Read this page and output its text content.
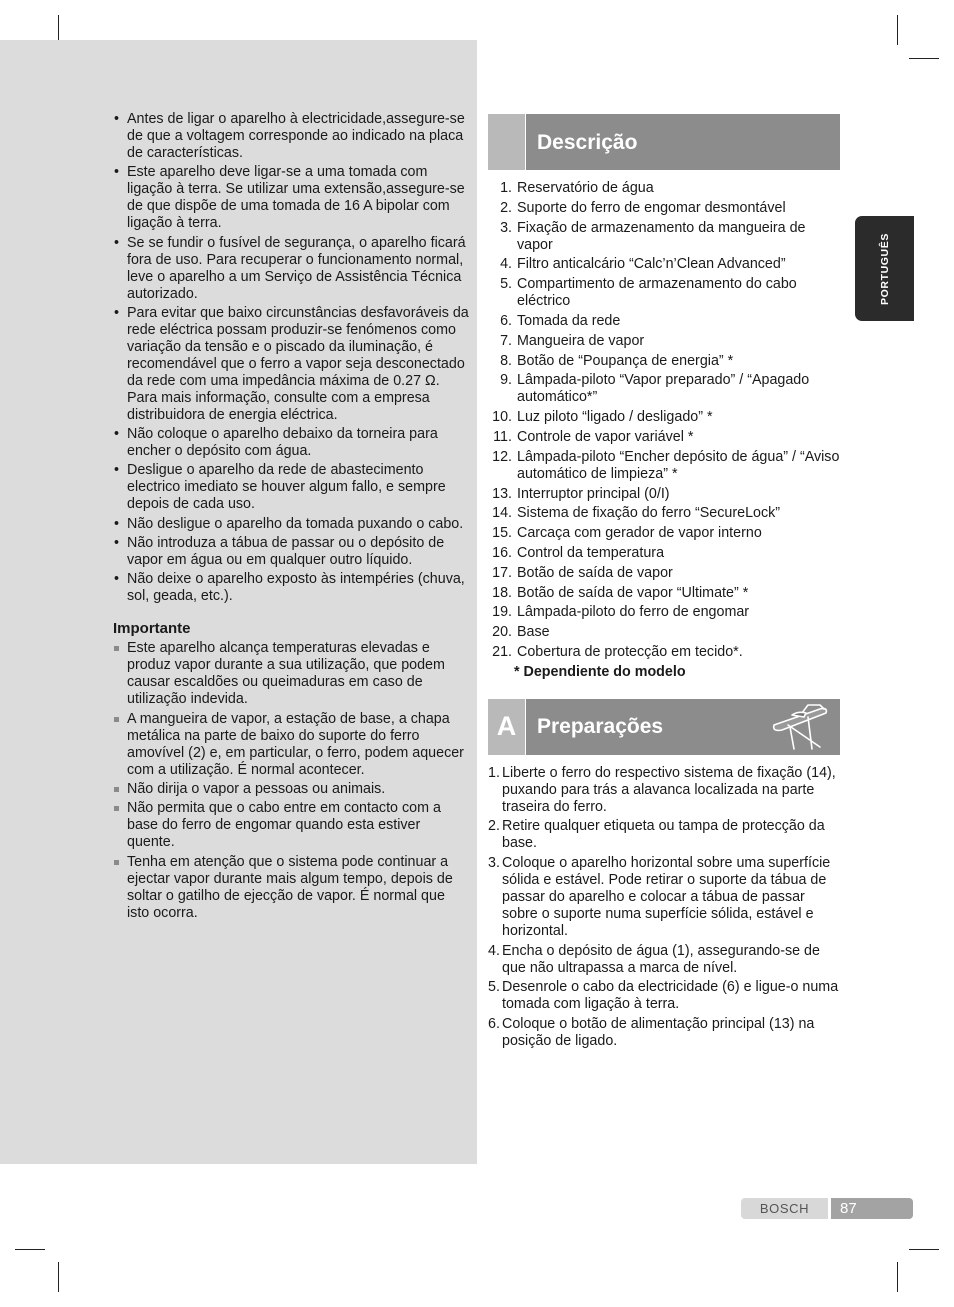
• Antes de ligar o aparelho à electricidade,assegure-se de que a voltagem corresponde ao indicado na placa de características.
• Este aparelho deve ligar-se a uma tomada com ligação à terra. Se utilizar uma extensão,assegure-se de que dispõe de uma tomada de 16 A bipolar com ligação à terra.
• Se se fundir o fusível de segurança, o aparelho ficará fora de uso. Para recuperar o funcionamento normal, leve o aparelho a um Serviço de Assistência Técnica autorizado.
• Para evitar que baixo circunstâncias desfavoráveis da rede eléctrica possam produzir-se fenómenos como variação da tensão e o piscado da iluminação, é recomendável que o ferro a vapor seja desconectado da rede com uma impedância máxima de 0.27 Ω. Para mais informação, consulte com a empresa distribuidora de energia eléctrica.
• Não coloque o aparelho debaixo da torneira para encher o depósito com água.
• Desligue o aparelho da rede de abastecimento electrico imediato se houver algum fallo, e sempre depois de cada uso.
• Não desligue o aparelho da tomada puxando o cabo.
• Não introduza a tábua de passar ou o depósito de vapor em água ou em qualquer outro líquido.
• Não deixe o aparelho exposto às intempéries (chuva, sol, geada, etc.).
Importante
Este aparelho alcança temperaturas elevadas e produz vapor durante a sua utilização, que podem causar escaldões ou queimaduras em caso de utilização indevida.
A mangueira de vapor, a estação de base, a chapa metálica na parte de baixo do suporte do ferro amovível (2) e, em particular, o ferro, podem aquecer com a utilização. É normal acontecer.
Não dirija o vapor a pessoas ou animais.
Não permita que o cabo entre em contacto com a base do ferro de engomar quando esta estiver quente.
Tenha em atenção que o sistema pode continuar a ejectar vapor durante mais algum tempo, depois de soltar o gatilho de ejecção de vapor. É normal que isto ocorra.
Descrição
1. Reservatório de água
2. Suporte do ferro de engomar desmontável
3. Fixação de armazenamento da mangueira de vapor
4. Filtro anticalcário “Calc’n’Clean Advanced”
5. Compartimento de armazenamento do cabo eléctrico
6. Tomada da rede
7. Mangueira de vapor
8. Botão de “Poupança de energia” *
9. Lâmpada-piloto “Vapor preparado” / “Apagado automático*”
10. Luz piloto “ligado / desligado” *
11. Controle de vapor variável *
12. Lâmpada-piloto “Encher depósito de água” / “Aviso automático de limpieza” *
13. Interruptor principal (0/I)
14. Sistema de fixação do ferro “SecureLock”
15. Carcaça com gerador de vapor interno
16. Control da temperatura
17. Botão de saída de vapor
18. Botão de saída de vapor “Ultimate” *
19. Lâmpada-piloto do ferro de engomar
20. Base
21. Cobertura de protecção em tecido*.
* Dependiente do modelo
A Preparações
1. Liberte o ferro do respectivo sistema de fixação (14), puxando para trás a alavanca localizada na parte traseira do ferro.
2. Retire qualquer etiqueta ou tampa de protecção da base.
3. Coloque o aparelho horizontal sobre uma superfície sólida e estável. Pode retirar o suporte da tábua de passar do aparelho e colocar a tábua de passar sobre o suporte numa superfície sólida, estável e horizontal.
4. Encha o depósito de água (1), assegurando-se de que não ultrapassa a marca de nível.
5. Desenrole o cabo da electricidade (6) e ligue-o numa tomada com ligação à terra.
6. Coloque o botão de alimentação principal (13) na posição de ligado.
PORTUGUÊS
BOSCH	87
